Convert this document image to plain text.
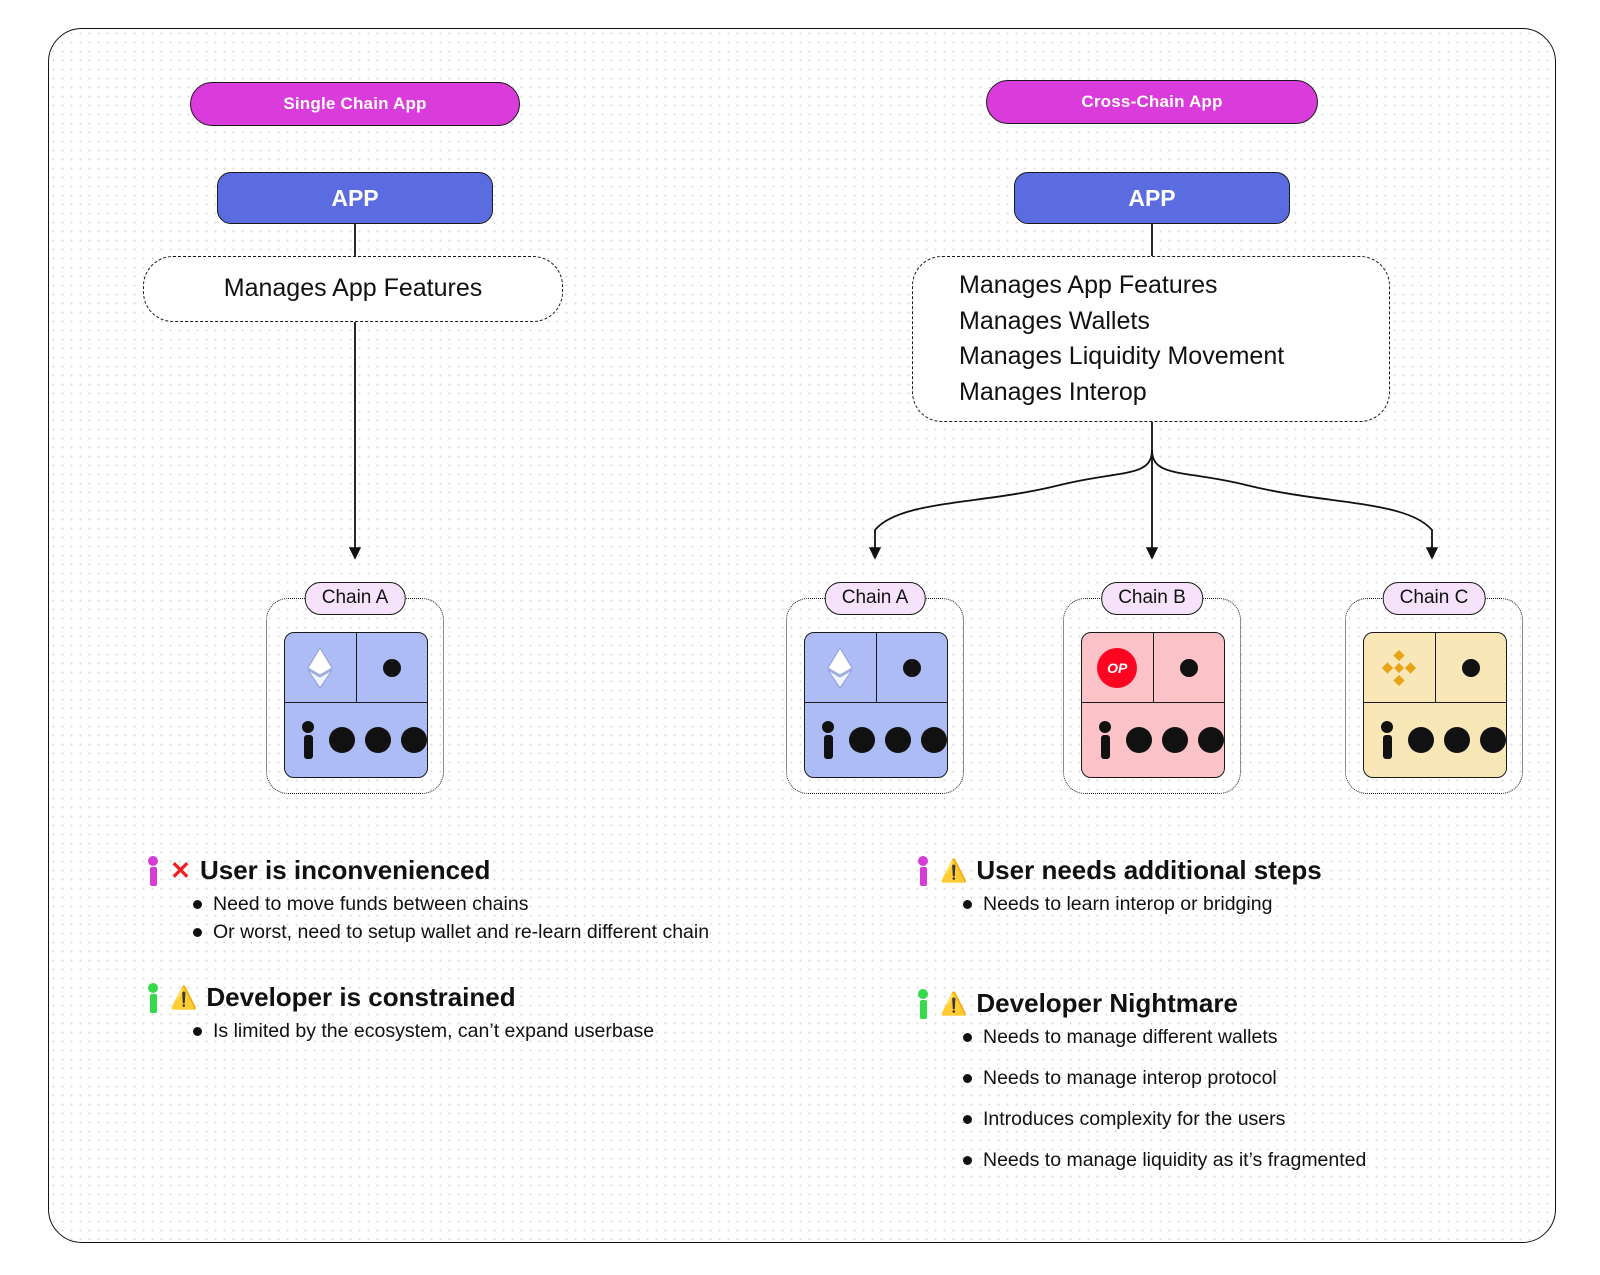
Single Chain App
APP
Manages App Features
Chain A
✕ User is inconvenienced
Need to move funds between chains
Or worst, need to setup wallet and re-learn different chain
⚠️ Developer is constrained
Is limited by the ecosystem, can’t expand userbase
Cross-Chain App
APP
Manages App Features
Manages Wallets
Manages Liquidity Movement
Manages Interop
Chain A	Chain B
OP
Chain C
⚠️ User needs additional steps
Needs to learn interop or bridging
⚠️ Developer Nightmare
Needs to manage different wallets
Needs to manage interop protocol
Introduces complexity for the users
Needs to manage liquidity as it’s fragmented
